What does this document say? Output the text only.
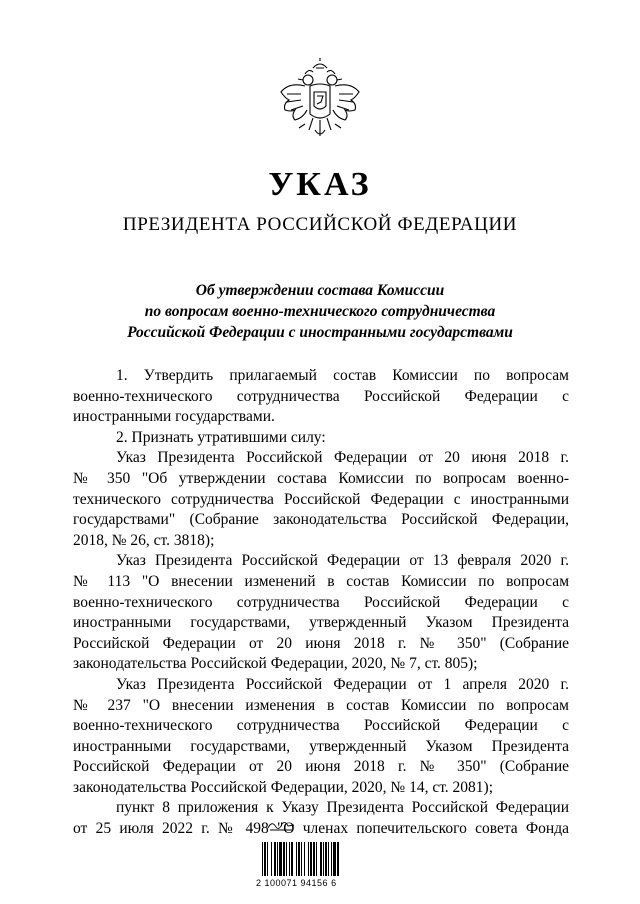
УКАЗ
ПРЕЗИДЕНТА РОССИЙСКОЙ ФЕДЕРАЦИИ
Об утверждении состава Комиссии
по вопросам военно-технического сотрудничества
Российской Федерации с иностранными государствами
1. Утвердить прилагаемый состав Комиссии по вопросам
военно-технического сотрудничества Российской Федерации с
иностранными государствами.
2. Признать утратившими силу:
Указ Президента Российской Федерации от 20 июня 2018 г.
№ 350 "Об утверждении состава Комиссии по вопросам военно-
технического сотрудничества Российской Федерации с иностранными
государствами" (Собрание законодательства Российской Федерации,
2018, № 26, ст. 3818);
Указ Президента Российской Федерации от 13 февраля 2020 г.
№ 113 "О внесении изменений в состав Комиссии по вопросам
военно-технического сотрудничества Российской Федерации с
иностранными государствами, утвержденный Указом Президента
Российской Федерации от 20 июня 2018 г. № 350" (Собрание
законодательства Российской Федерации, 2020, № 7, ст. 805);
Указ Президента Российской Федерации от 1 апреля 2020 г.
№ 237 "О внесении изменения в состав Комиссии по вопросам
военно-технического сотрудничества Российской Федерации с
иностранными государствами, утвержденный Указом Президента
Российской Федерации от 20 июня 2018 г. № 350" (Собрание
законодательства Российской Федерации, 2020, № 14, ст. 2081);
пункт 8 приложения к Указу Президента Российской Федерации
от 25 июля 2022 г. № 498 "О членах попечительского совета Фонда
2 100071 94156 6
